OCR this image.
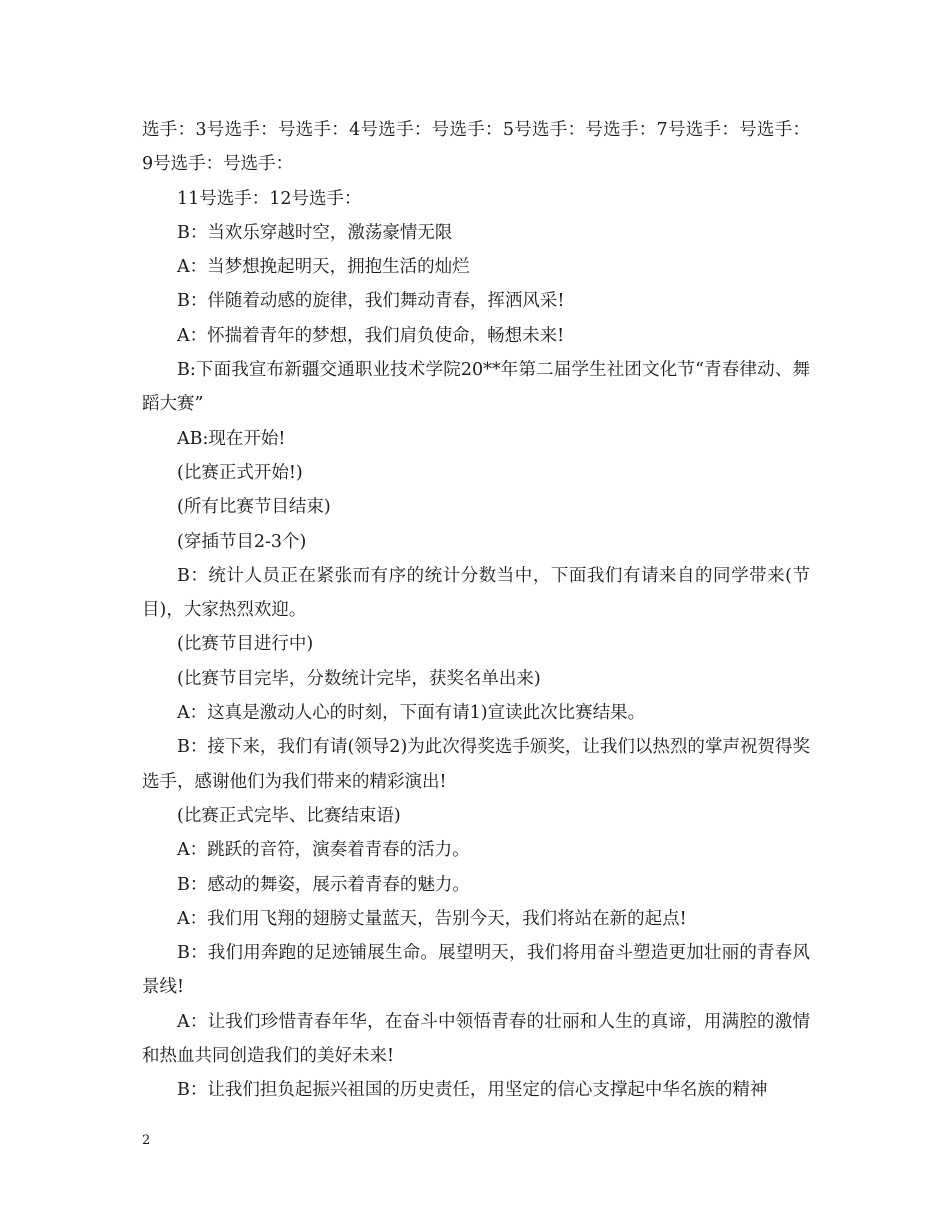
选手：3号选手：号选手：4号选手：号选手：5号选手：号选手：7号选手：号选手：9号选手：号选手：

11号选手：12号选手：

B：当欢乐穿越时空，激荡豪情无限

A：当梦想挽起明天，拥抱生活的灿烂

B：伴随着动感的旋律，我们舞动青春，挥洒风采!

A：怀揣着青年的梦想，我们肩负使命，畅想未来!

B:下面我宣布新疆交通职业技术学院20**年第二届学生社团文化节“青春律动、舞蹈大赛”

AB:现在开始!

(比赛正式开始!)

(所有比赛节目结束)

(穿插节目2-3个)

B：统计人员正在紧张而有序的统计分数当中，下面我们有请来自的同学带来(节目)，大家热烈欢迎。

(比赛节目进行中)

(比赛节目完毕，分数统计完毕，获奖名单出来)

A：这真是激动人心的时刻，下面有请1)宣读此次比赛结果。

B：接下来，我们有请(领导2)为此次得奖选手颁奖，让我们以热烈的掌声祝贺得奖选手，感谢他们为我们带来的精彩演出!

(比赛正式完毕、比赛结束语)

A：跳跃的音符，演奏着青春的活力。

B：感动的舞姿，展示着青春的魅力。

A：我们用飞翔的翅膀丈量蓝天，告别今天，我们将站在新的起点!

B：我们用奔跑的足迹铺展生命。展望明天，我们将用奋斗塑造更加壮丽的青春风景线!

A：让我们珍惜青春年华，在奋斗中领悟青春的壮丽和人生的真谛，用满腔的激情和热血共同创造我们的美好未来!

B：让我们担负起振兴祖国的历史责任，用坚定的信心支撑起中华名族的精神

2
